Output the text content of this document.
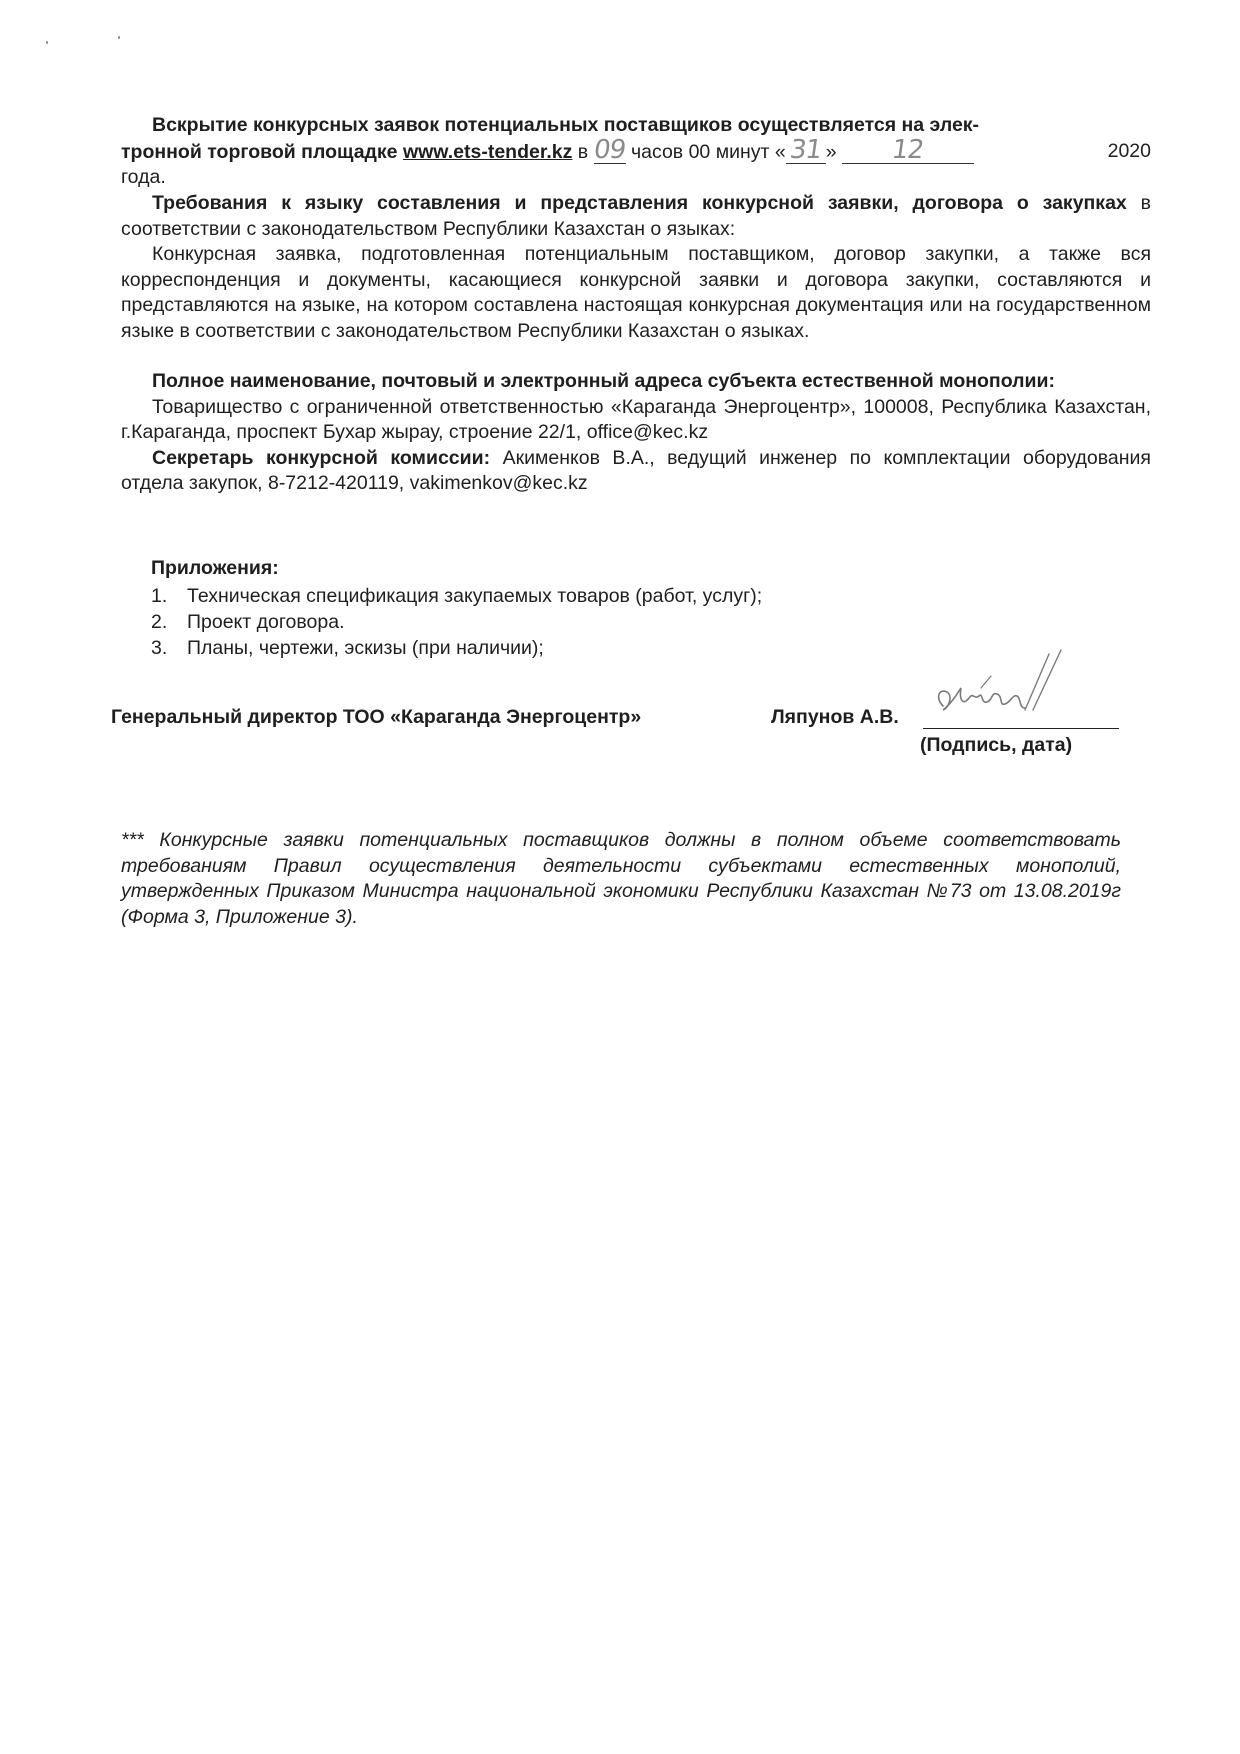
Вскрытие конкурсных заявок потенциальных поставщиков осуществляется на элек-
тронной торговой площадке www.ets-tender.kz в 09 часов 00 минут «31 » 12	2020

года.

Требования к языку составления и представления конкурсной заявки, договора о закупках в соответствии с законодательством Республики Казахстан о языках:

Конкурсная заявка, подготовленная потенциальным поставщиком, договор закупки, а также вся корреспонденция и документы, касающиеся конкурсной заявки и договора закупки, составляются и представляются на языке, на котором составлена настоящая конкурсная документация или на государственном языке в соответствии с законодательством Республики Казахстан о языках.

Полное наименование, почтовый и электронный адреса субъекта естественной монополии:

Товарищество с ограниченной ответственностью «Караганда Энергоцентр», 100008, Республика Казахстан, г.Караганда, проспект Бухар жырау, строение 22/1, office@kec.kz

Секретарь конкурсной комиссии: Акименков В.А., ведущий инженер по комплектации оборудования отдела закупок, 8-7212-420119, vakimenkov@kec.kz

Приложения:
1.	Техническая спецификация закупаемых товаров (работ, услуг);
2.	Проект договора.
3.	Планы, чертежи, эскизы (при наличии);
Генеральный директор ТОО «Караганда Энергоцентр»	Ляпунов А.В.
(Подпись, дата)
*** Конкурсные заявки потенциальных поставщиков должны в полном объеме соответствовать требованиям Правил осуществления деятельности субъектами естественных монополий, утвержденных Приказом Министра национальной экономики Республики Казахстан №73 от 13.08.2019г (Форма 3, Приложение 3).
